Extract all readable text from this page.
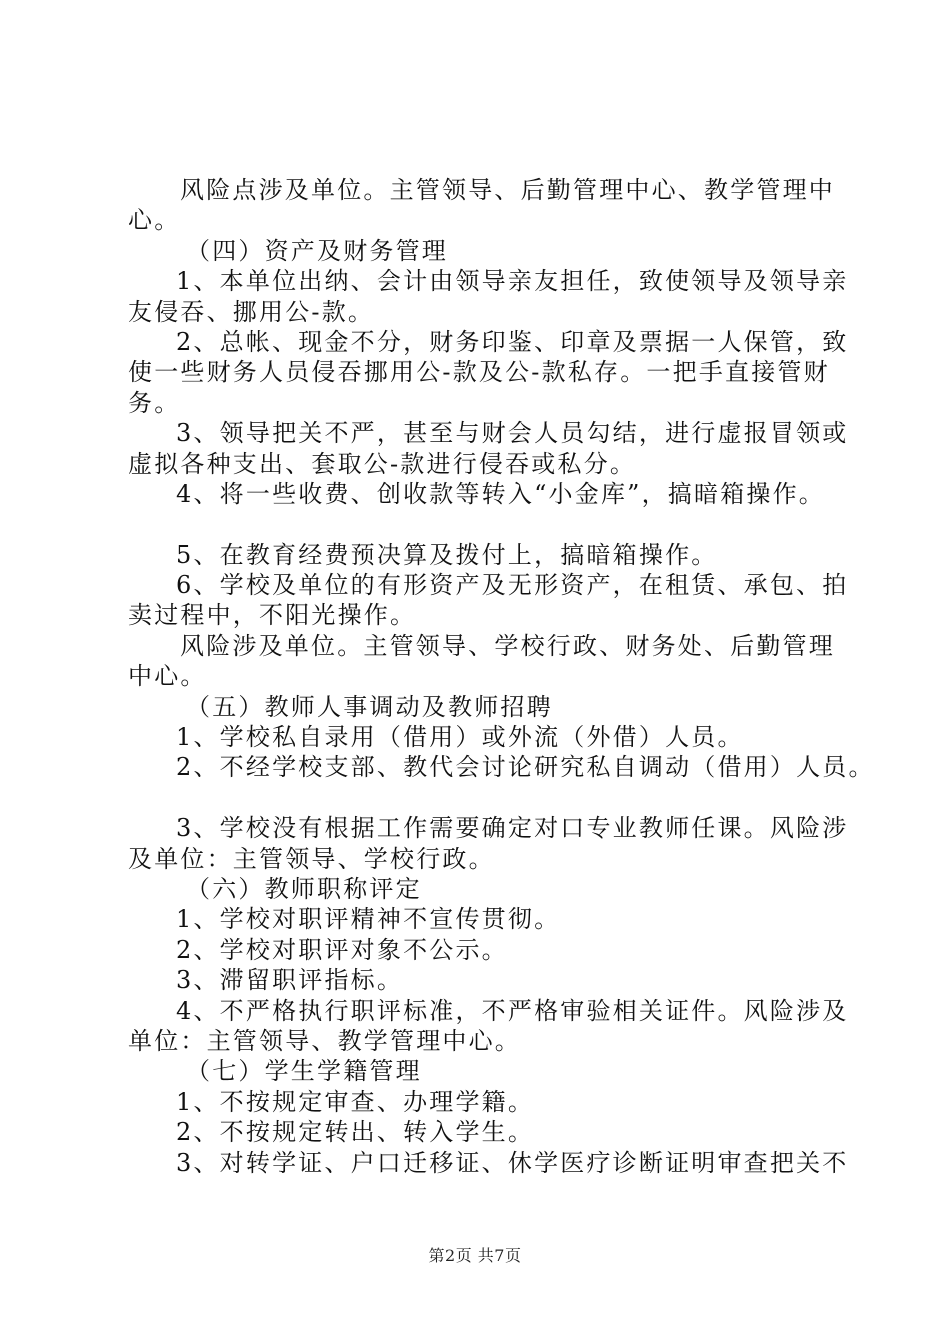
风险点涉及单位。主管领导、后勤管理中心、教学管理中
心。
（四）资产及财务管理
1、本单位出纳、会计由领导亲友担任，致使领导及领导亲
友侵吞、挪用公-款。
2、总帐、现金不分，财务印鉴、印章及票据一人保管，致
使一些财务人员侵吞挪用公-款及公-款私存。一把手直接管财
务。
3、领导把关不严，甚至与财会人员勾结，进行虚报冒领或
虚拟各种支出、套取公-款进行侵吞或私分。
4、将一些收费、创收款等转入“小金库”，搞暗箱操作。
5、在教育经费预决算及拨付上，搞暗箱操作。
6、学校及单位的有形资产及无形资产，在租赁、承包、拍
卖过程中，不阳光操作。
风险涉及单位。主管领导、学校行政、财务处、后勤管理
中心。
（五）教师人事调动及教师招聘
1、学校私自录用（借用）或外流（外借）人员。
2、不经学校支部、教代会讨论研究私自调动（借用）人员。
3、学校没有根据工作需要确定对口专业教师任课。风险涉
及单位：主管领导、学校行政。
（六）教师职称评定
1、学校对职评精神不宣传贯彻。
2、学校对职评对象不公示。
3、滞留职评指标。
4、不严格执行职评标准，不严格审验相关证件。风险涉及
单位：主管领导、教学管理中心。
（七）学生学籍管理
1、不按规定审查、办理学籍。
2、不按规定转出、转入学生。
3、对转学证、户口迁移证、休学医疗诊断证明审查把关不
第2页 共7页
